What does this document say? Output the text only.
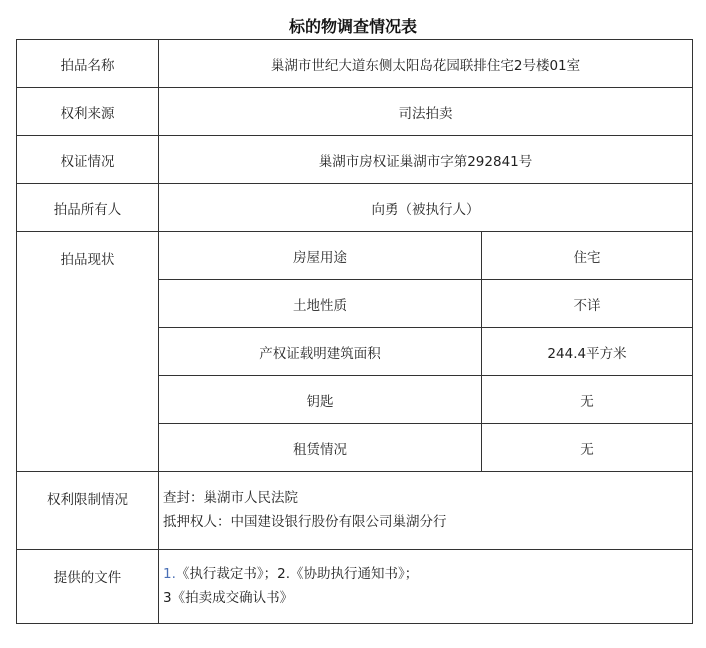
标的物调查情况表
拍品名称	巢湖市世纪大道东侧太阳岛花园联排住宅2号楼01室	
权利来源	司法拍卖	
权证情况	巢湖市房权证巢湖市字第292841号	
拍品所有人	向勇（被执行人）	
拍品现状	房屋用途	住宅
	土地性质	不详
	产权证载明建筑面积	244.4平方米
	钥匙	无
	租赁情况	无
权利限制情况	查封：巢湖市人民法院
抵押权人：中国建设银行股份有限公司巢湖分行	

提供的文件	1.《执行裁定书》；2.《协助执行通知书》；
3《拍卖成交确认书》	
